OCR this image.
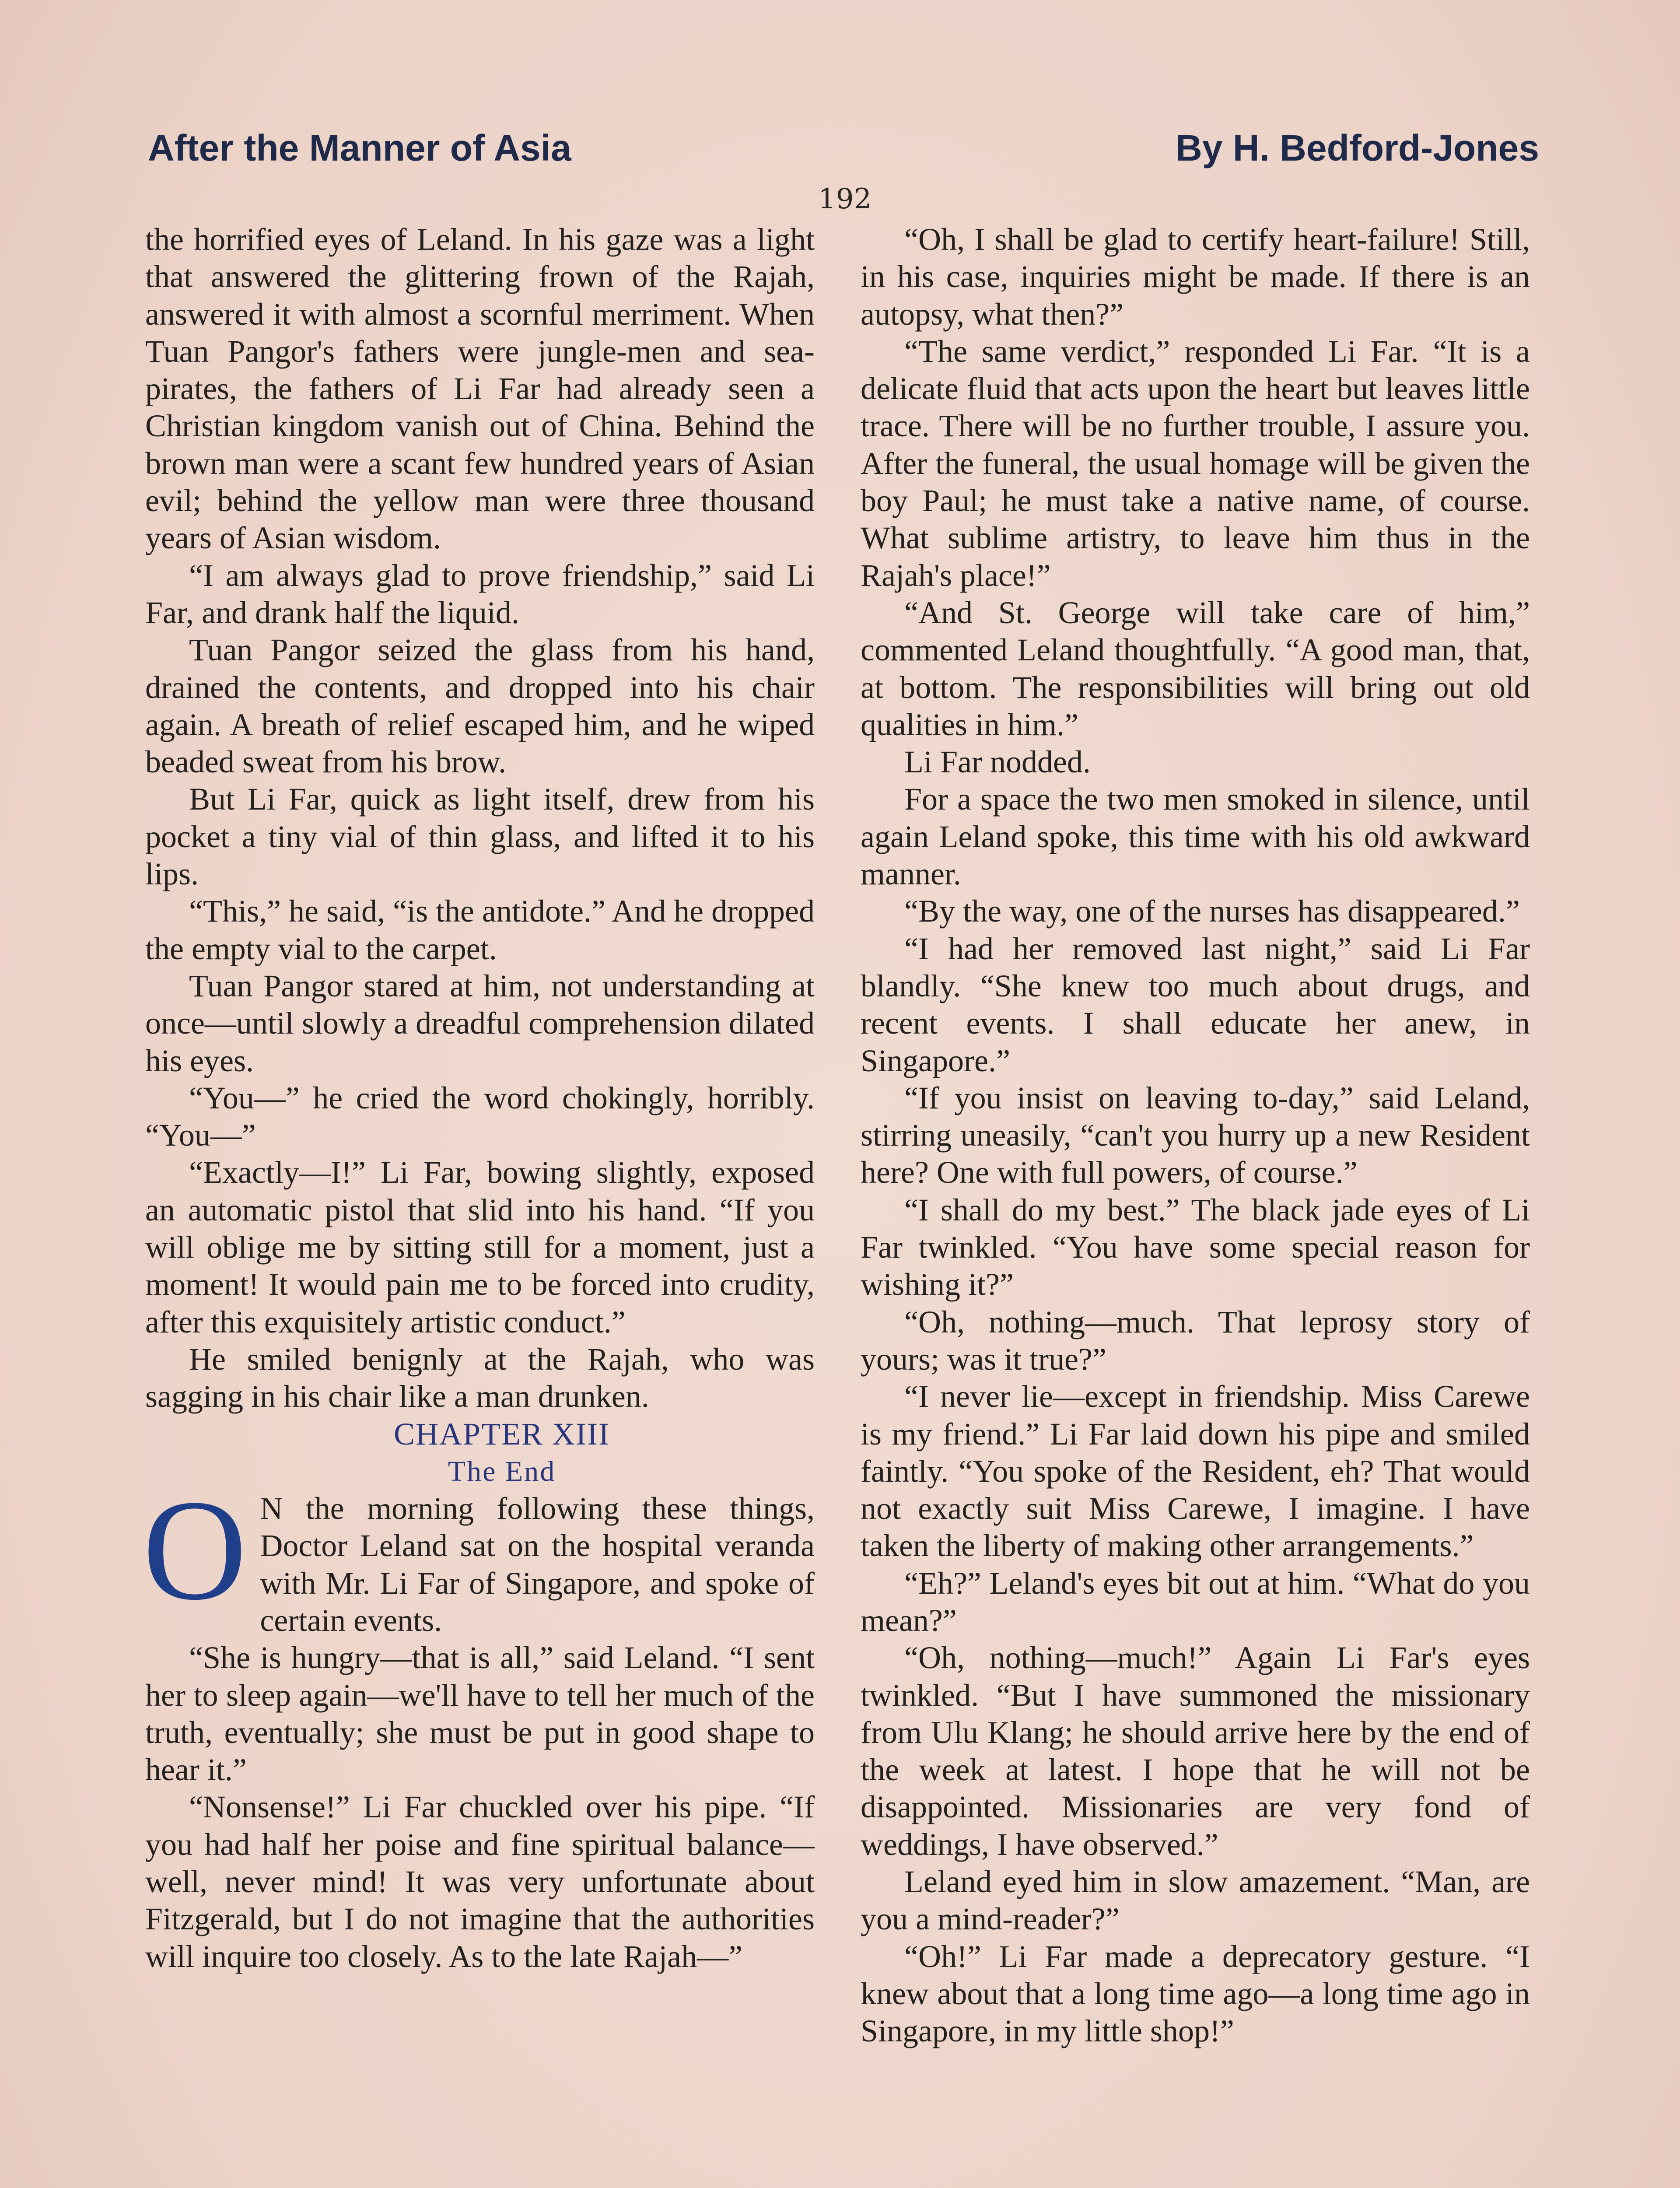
After the Manner of Asia	By H. Bedford-Jones
192

the horrified eyes of Leland. In his gaze was a light that answered the glittering frown of the Rajah, answered it with almost a scornful merriment. When Tuan Pangor's fathers were jungle-men and sea-pirates, the fathers of Li Far had already seen a Christian kingdom vanish out of China. Behind the brown man were a scant few hundred years of Asian evil; behind the yellow man were three thousand years of Asian wisdom.

“I am always glad to prove friendship,” said Li Far, and drank half the liquid.

Tuan Pangor seized the glass from his hand, drained the contents, and dropped into his chair again. A breath of relief escaped him, and he wiped beaded sweat from his brow.

But Li Far, quick as light itself, drew from his pocket a tiny vial of thin glass, and lifted it to his lips.

“This,” he said, “is the antidote.” And he dropped the empty vial to the carpet.

Tuan Pangor stared at him, not understanding at once—until slowly a dreadful comprehension dilated his eyes.

“You—” he cried the word chokingly, horribly. “You—”

“Exactly—I!” Li Far, bowing slightly, exposed an automatic pistol that slid into his hand. “If you will oblige me by sitting still for a moment, just a moment! It would pain me to be forced into crudity, after this exquisitely artistic conduct.”

He smiled benignly at the Rajah, who was sagging in his chair like a man drunken.

CHAPTER XIII

The End

O N the morning following these things, Doctor Leland sat on the hospital veranda with Mr. Li Far of Singapore, and spoke of certain events.

“She is hungry—that is all,” said Leland. “I sent her to sleep again—we'll have to tell her much of the truth, eventually; she must be put in good shape to hear it.”

“Nonsense!” Li Far chuckled over his pipe. “If you had half her poise and fine spiritual balance—well, never mind! It was very unfortunate about Fitzgerald, but I do not imagine that the authorities will inquire too closely. As to the late Rajah—”

“Oh, I shall be glad to certify heart-failure! Still, in his case, inquiries might be made. If there is an autopsy, what then?”

“The same verdict,” responded Li Far. “It is a delicate fluid that acts upon the heart but leaves little trace. There will be no further trouble, I assure you. After the funeral, the usual homage will be given the boy Paul; he must take a native name, of course. What sublime artistry, to leave him thus in the Rajah's place!”

“And St. George will take care of him,” commented Leland thoughtfully. “A good man, that, at bottom. The responsibilities will bring out old qualities in him.”

Li Far nodded.

For a space the two men smoked in silence, until again Leland spoke, this time with his old awkward manner.

“By the way, one of the nurses has disappeared.”

“I had her removed last night,” said Li Far blandly. “She knew too much about drugs, and recent events. I shall educate her anew, in Singapore.”

“If you insist on leaving to-day,” said Leland, stirring uneasily, “can't you hurry up a new Resident here? One with full powers, of course.”

“I shall do my best.” The black jade eyes of Li Far twinkled. “You have some special reason for wishing it?”

“Oh, nothing—much. That leprosy story of yours; was it true?”

“I never lie—except in friendship. Miss Carewe is my friend.” Li Far laid down his pipe and smiled faintly. “You spoke of the Resident, eh? That would not exactly suit Miss Carewe, I imagine. I have taken the liberty of making other arrangements.”

“Eh?” Leland's eyes bit out at him. “What do you mean?”

“Oh, nothing—much!” Again Li Far's eyes twinkled. “But I have summoned the missionary from Ulu Klang; he should arrive here by the end of the week at latest. I hope that he will not be disappointed. Missionaries are very fond of weddings, I have observed.”

Leland eyed him in slow amazement. “Man, are you a mind-reader?”

“Oh!” Li Far made a deprecatory gesture. “I knew about that a long time ago—a long time ago in Singapore, in my little shop!”
